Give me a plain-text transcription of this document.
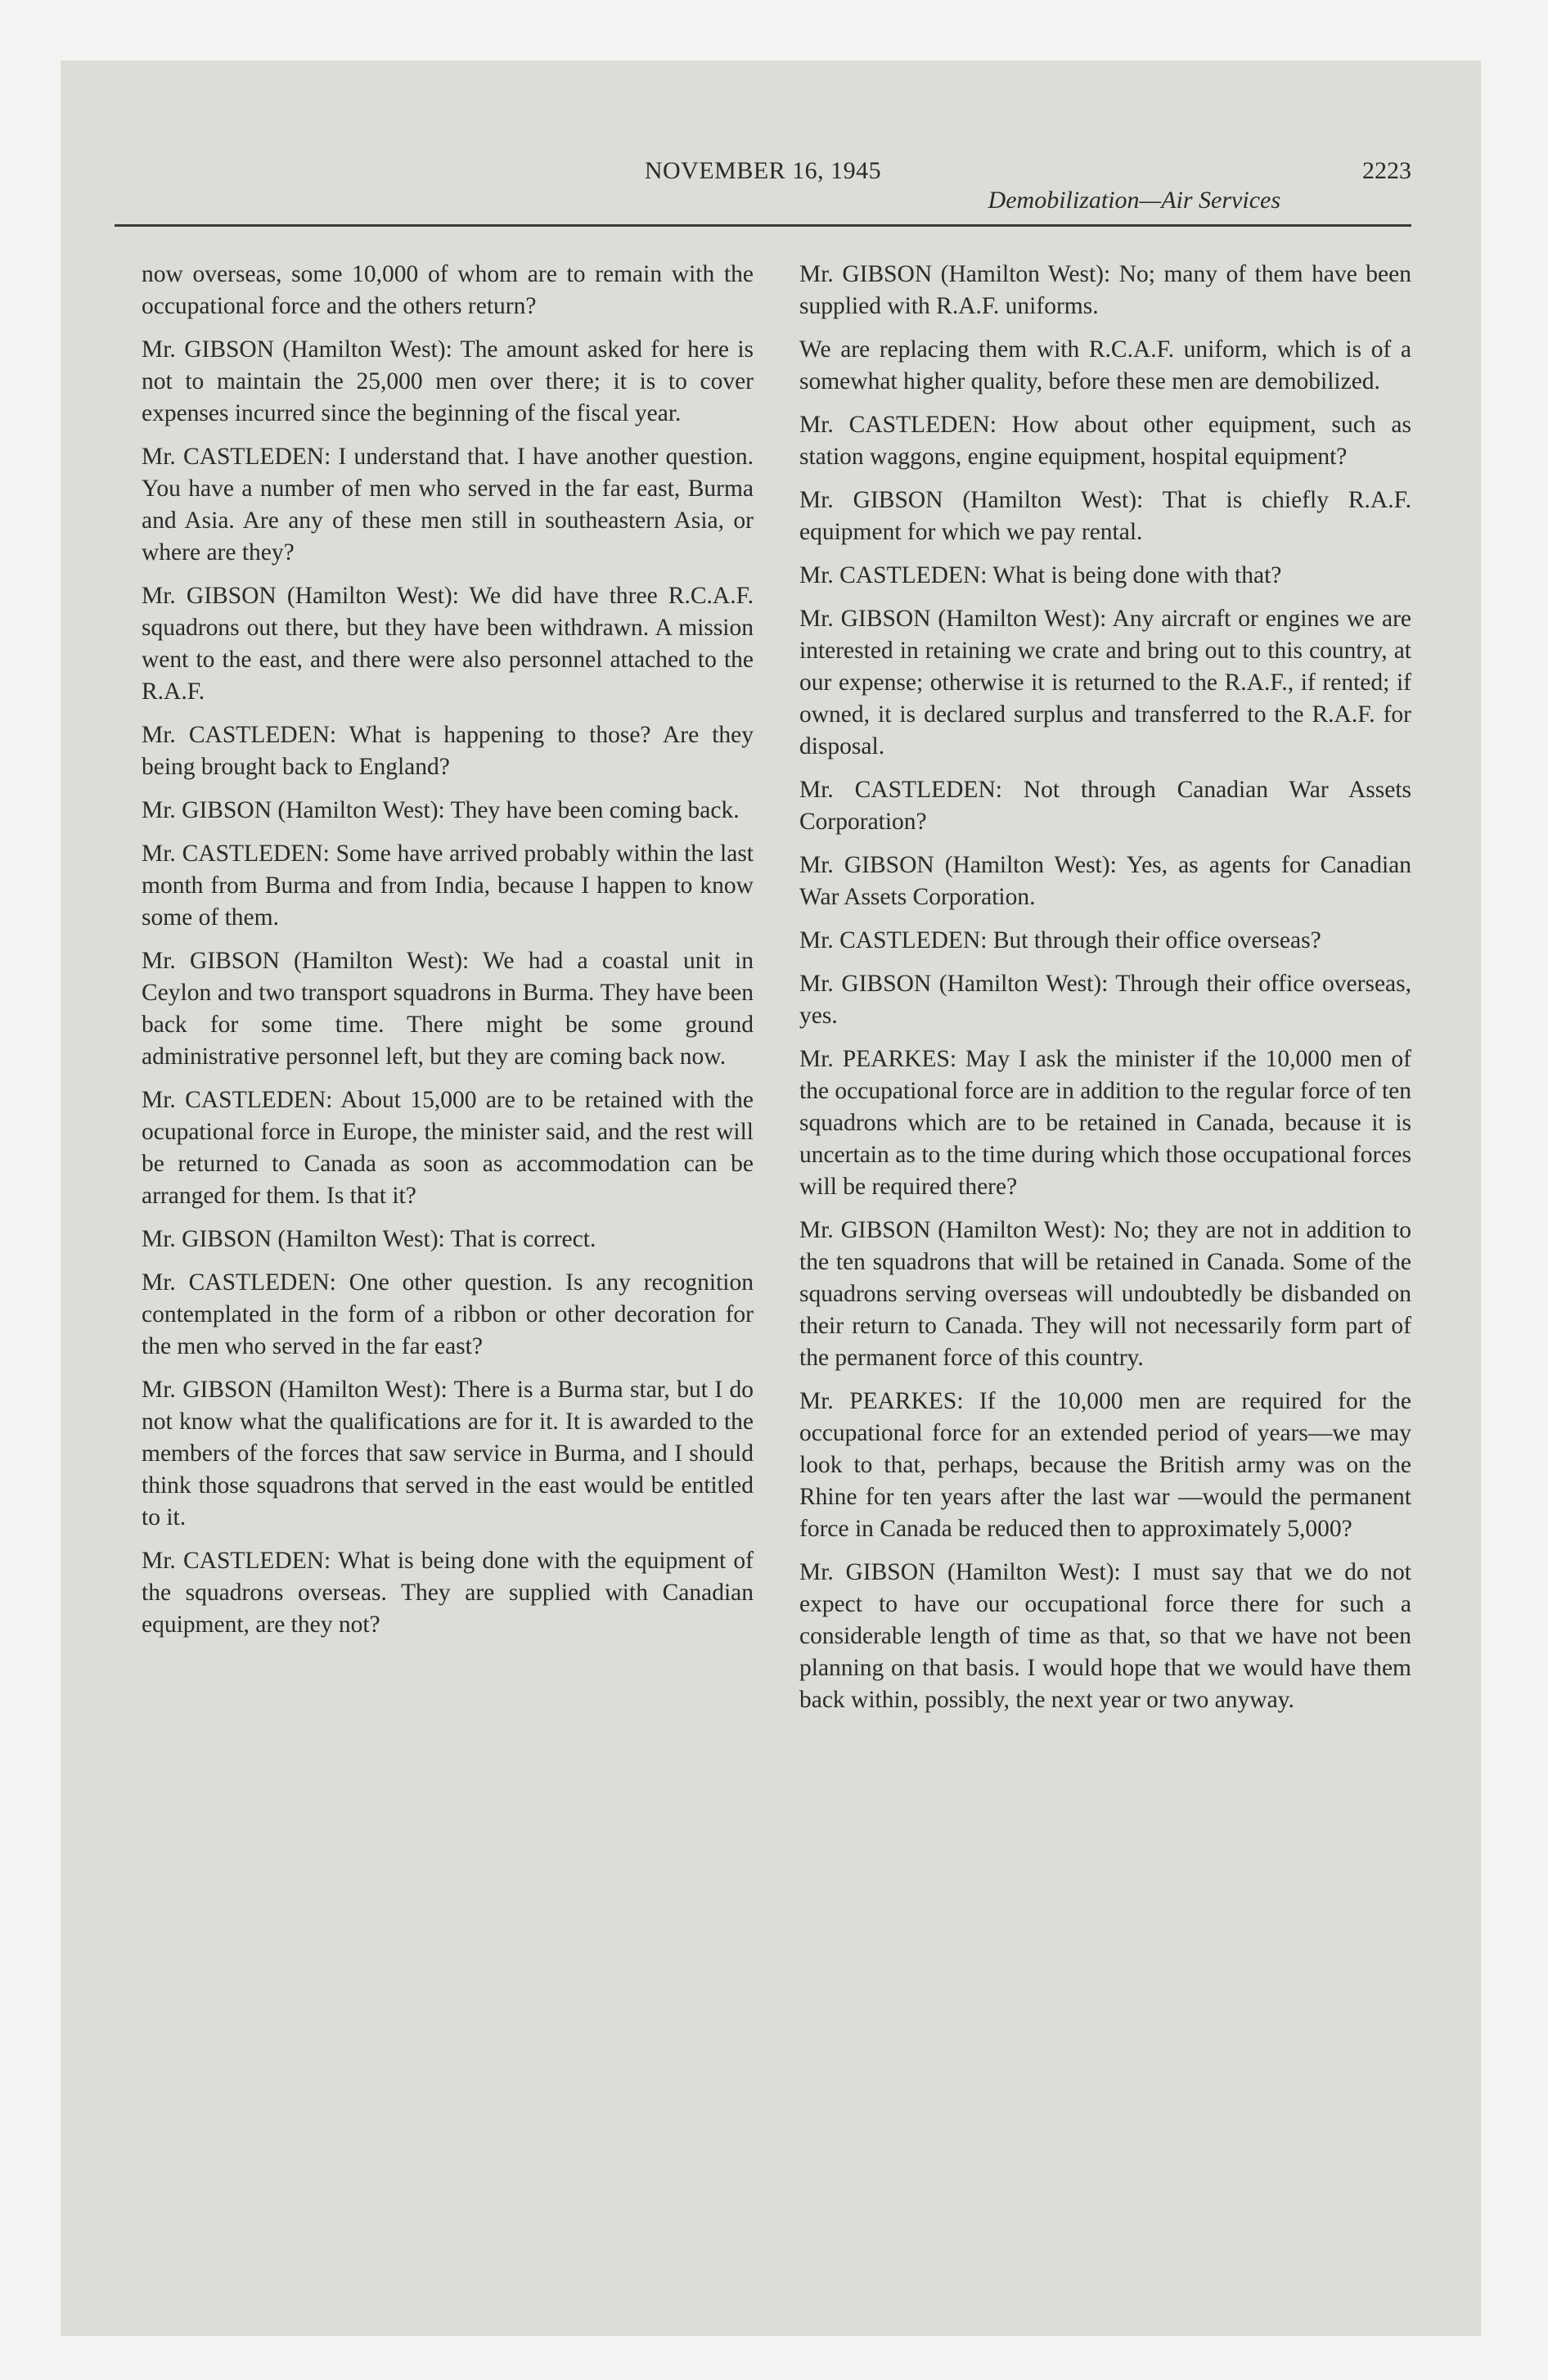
NOVEMBER 16, 1945	2223
Demobilization—Air Services

now overseas, some 10,000 of whom are to remain with the occupational force and the others return?

Mr. GIBSON (Hamilton West): The amount asked for here is not to maintain the 25,000 men over there; it is to cover expenses incurred since the beginning of the fiscal year.

Mr. CASTLEDEN: I understand that. I have another question. You have a number of men who served in the far east, Burma and Asia. Are any of these men still in southeastern Asia, or where are they?

Mr. GIBSON (Hamilton West): We did have three R.C.A.F. squadrons out there, but they have been withdrawn. A mission went to the east, and there were also personnel attached to the R.A.F.

Mr. CASTLEDEN: What is happening to those? Are they being brought back to England?

Mr. GIBSON (Hamilton West): They have been coming back.

Mr. CASTLEDEN: Some have arrived probably within the last month from Burma and from India, because I happen to know some of them.

Mr. GIBSON (Hamilton West): We had a coastal unit in Ceylon and two transport squadrons in Burma. They have been back for some time. There might be some ground administrative personnel left, but they are coming back now.

Mr. CASTLEDEN: About 15,000 are to be retained with the ocupational force in Europe, the minister said, and the rest will be returned to Canada as soon as accommodation can be arranged for them. Is that it?

Mr. GIBSON (Hamilton West): That is correct.

Mr. CASTLEDEN: One other question. Is any recognition contemplated in the form of a ribbon or other decoration for the men who served in the far east?

Mr. GIBSON (Hamilton West): There is a Burma star, but I do not know what the qualifications are for it. It is awarded to the members of the forces that saw service in Burma, and I should think those squadrons that served in the east would be entitled to it.

Mr. CASTLEDEN: What is being done with the equipment of the squadrons overseas. They are supplied with Canadian equipment, are they not?

Mr. GIBSON (Hamilton West): No; many of them have been supplied with R.A.F. uniforms.

We are replacing them with R.C.A.F. uniform, which is of a somewhat higher quality, before these men are demobilized.

Mr. CASTLEDEN: How about other equipment, such as station waggons, engine equipment, hospital equipment?

Mr. GIBSON (Hamilton West): That is chiefly R.A.F. equipment for which we pay rental.

Mr. CASTLEDEN: What is being done with that?

Mr. GIBSON (Hamilton West): Any aircraft or engines we are interested in retaining we crate and bring out to this country, at our expense; otherwise it is returned to the R.A.F., if rented; if owned, it is declared surplus and transferred to the R.A.F. for disposal.

Mr. CASTLEDEN: Not through Canadian War Assets Corporation?

Mr. GIBSON (Hamilton West): Yes, as agents for Canadian War Assets Corporation.

Mr. CASTLEDEN: But through their office overseas?

Mr. GIBSON (Hamilton West): Through their office overseas, yes.

Mr. PEARKES: May I ask the minister if the 10,000 men of the occupational force are in addition to the regular force of ten squadrons which are to be retained in Canada, because it is uncertain as to the time during which those occupational forces will be required there?

Mr. GIBSON (Hamilton West): No; they are not in addition to the ten squadrons that will be retained in Canada. Some of the squadrons serving overseas will undoubtedly be disbanded on their return to Canada. They will not necessarily form part of the permanent force of this country.

Mr. PEARKES: If the 10,000 men are required for the occupational force for an extended period of years—we may look to that, perhaps, because the British army was on the Rhine for ten years after the last war —would the permanent force in Canada be reduced then to approximately 5,000?

Mr. GIBSON (Hamilton West): I must say that we do not expect to have our occupational force there for such a considerable length of time as that, so that we have not been planning on that basis. I would hope that we would have them back within, possibly, the next year or two anyway.
